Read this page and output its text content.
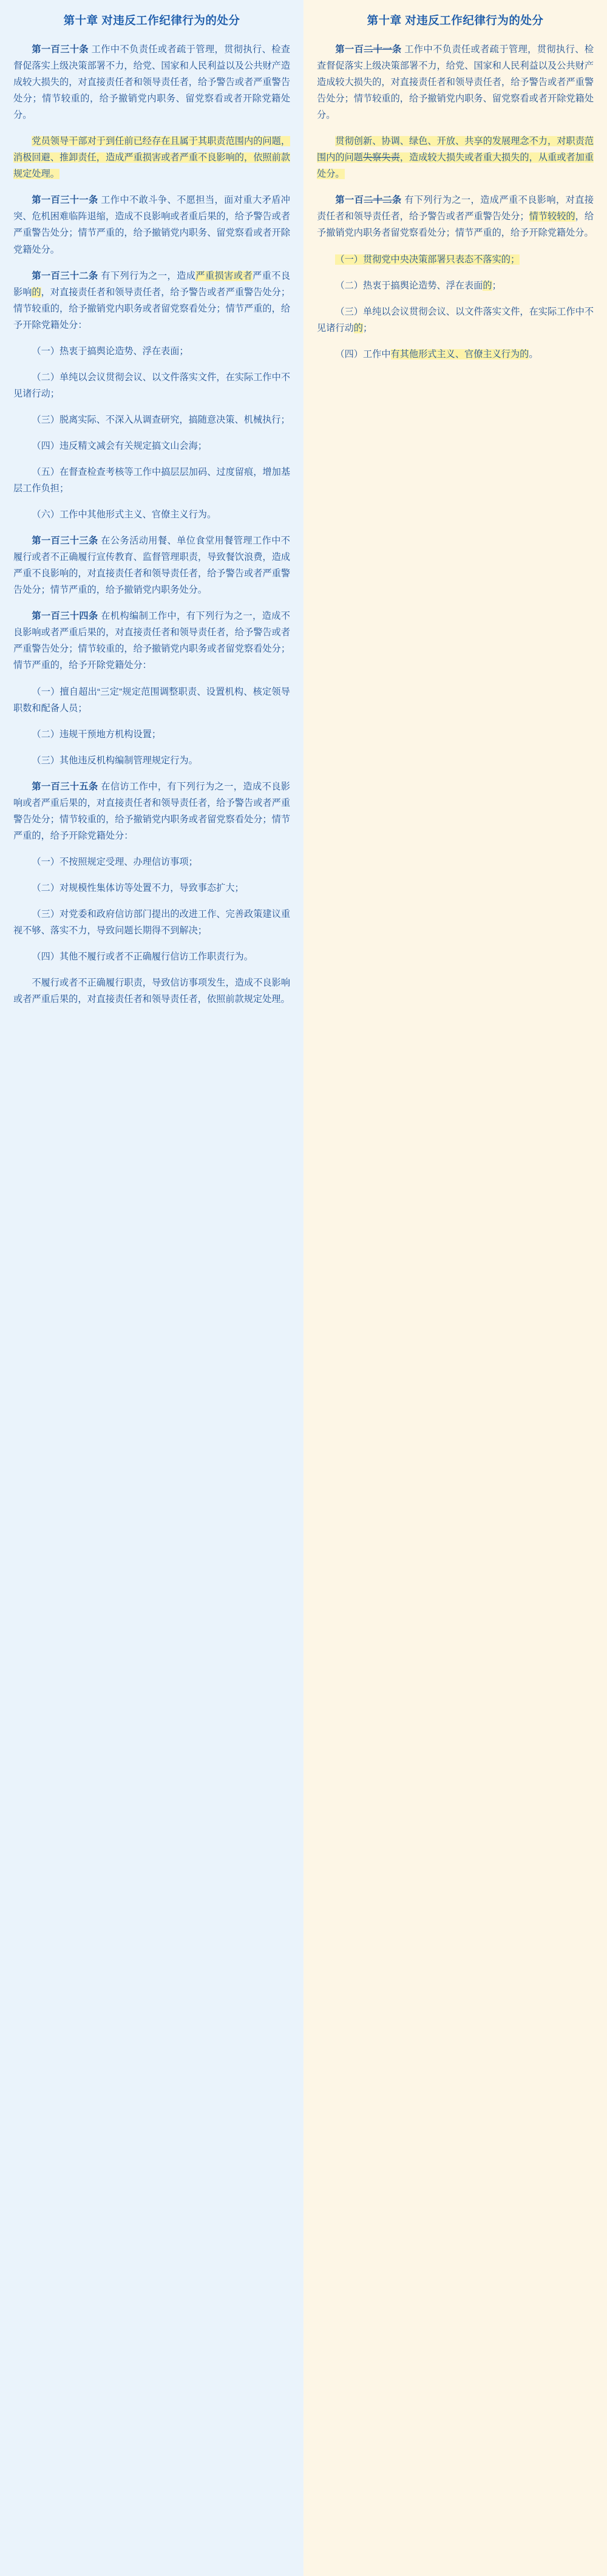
第十章 对违反工作纪律行为的处分

第一百三十条 工作中不负责任或者疏于管理，贯彻执行、检查督促落实上级决策部署不力，给党、国家和人民利益以及公共财产造成较大损失的，对直接责任者和领导责任者，给予警告或者严重警告处分；情节较重的，给予撤销党内职务、留党察看或者开除党籍处分。

党员领导干部对于到任前已经存在且属于其职责范围内的问题，消极回避、推卸责任，造成严重损害或者严重不良影响的，依照前款规定处理。

第一百三十一条 工作中不敢斗争、不愿担当，面对重大矛盾冲突、危机困难临阵退缩，造成不良影响或者重后果的，给予警告或者严重警告处分；情节严重的，给予撤销党内职务、留党察看或者开除党籍处分。

第一百三十二条 有下列行为之一，造成严重损害或者严重不良影响的，对直接责任者和领导责任者，给予警告或者严重警告处分；情节较重的，给予撤销党内职务或者留党察看处分；情节严重的，给予开除党籍处分：

（一）热衷于搞舆论造势、浮在表面；

（二）单纯以会议贯彻会议、以文件落实文件，在实际工作中不见诸行动；

（三）脱离实际、不深入从调查研究，搞随意决策、机械执行；

（四）违反精文减会有关规定搞文山会海；

（五）在督查检查考核等工作中搞层层加码、过度留痕，增加基层工作负担；

（六）工作中其他形式主义、官僚主义行为。

第一百三十三条 在公务活动用餐、单位食堂用餐管理工作中不履行或者不正确履行宣传教育、监督管理职责，导致餐饮浪费，造成严重不良影响的，对直接责任者和领导责任者，给予警告或者严重警告处分；情节严重的，给予撤销党内职务处分。

第一百三十四条 在机构编制工作中，有下列行为之一，造成不良影响或者严重后果的，对直接责任者和领导责任者，给予警告或者严重警告处分；情节较重的，给予撤销党内职务或者留党察看处分；情节严重的，给予开除党籍处分：

（一）擅自超出“三定”规定范围调整职责、设置机构、核定领导职数和配备人员；

（二）违规干预地方机构设置；

（三）其他违反机构编制管理规定行为。

第一百三十五条 在信访工作中，有下列行为之一，造成不良影响或者严重后果的，对直接责任者和领导责任者，给予警告或者严重警告处分；情节较重的，给予撤销党内职务或者留党察看处分；情节严重的，给予开除党籍处分：

（一）不按照规定受理、办理信访事项；

（二）对规模性集体访等处置不力，导致事态扩大；

（三）对党委和政府信访部门提出的改进工作、完善政策建议重视不够、落实不力，导致问题长期得不到解决；

（四）其他不履行或者不正确履行信访工作职责行为。

不履行或者不正确履行职责，导致信访事项发生，造成不良影响或者严重后果的，对直接责任者和领导责任者，依照前款规定处理。

第十章 对违反工作纪律行为的处分

第一百二十一条 工作中不负责任或者疏于管理，贯彻执行、检查督促落实上级决策部署不力，给党、国家和人民利益以及公共财产造成较大损失的，对直接责任者和领导责任者，给予警告或者严重警告处分；情节较重的，给予撤销党内职务、留党察看或者开除党籍处分。

贯彻创新、协调、绿色、开放、共享的发展理念不力，对职责范围内的问题失察失责，造成较大损失或者重大损失的，从重或者加重处分。

第一百二十二条 有下列行为之一，造成严重不良影响，对直接责任者和领导责任者，给予警告或者严重警告处分；情节较较的，给予撤销党内职务者留党察看处分；情节严重的，给予开除党籍处分。

（一）贯彻党中央决策部署只表态不落实的；

（二）热衷于搞舆论造势、浮在表面的；

（三）单纯以会议贯彻会议、以文件落实文件，在实际工作中不见诸行动的；

（四）工作中有其他形式主义、官僚主义行为的。
